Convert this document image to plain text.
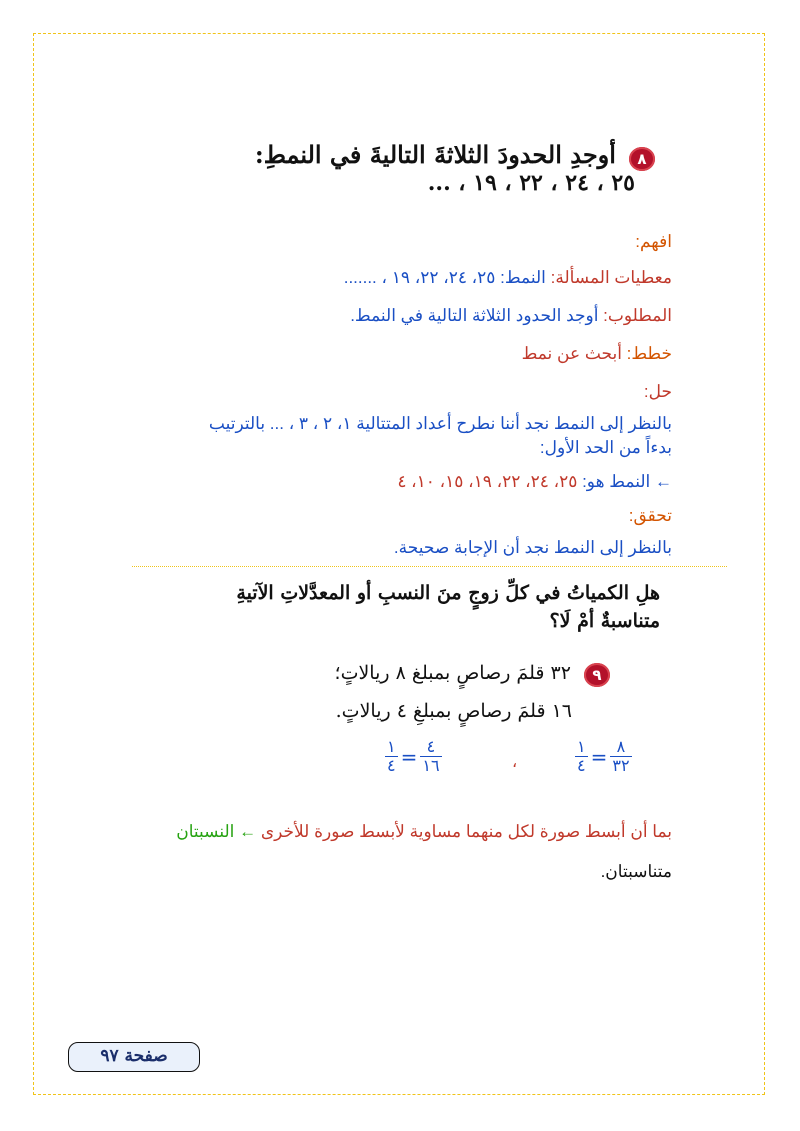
٨ أوجدِ الحدودَ الثلاثةَ التاليةَ في النمطِ:
٢٥ ، ٢٤ ، ٢٢ ، ١٩ ، ...
افهم:
معطيات المسألة: النمط: ٢٥، ٢٤، ٢٢، ١٩ ، .......
المطلوب: أوجد الحدود الثلاثة التالية في النمط.
خطط: أبحث عن نمط
حل:
بالنظر إلى النمط نجد أننا نطرح أعداد المتتالية ١، ٢ ، ٣ ، ... بالترتيب
بدءاً من الحد الأول:
← النمط هو: ٢٥، ٢٤، ٢٢، ١٩، ١٥، ١٠، ٤
تحقق:
بالنظر إلى النمط نجد أن الإجابة صحيحة.
هلِ الكمياتُ في كلِّ زوجٍ منَ النسبِ أو المعدَّلاتِ الآتيةِ
متناسبةٌ أمْ لَا؟
٩ ٣٢ قلمَ رصاصٍ بمبلغ ٨ ريالاتٍ؛
١٦ قلمَ رصاصٍ بمبلغِ ٤ ريالاتٍ.
$\frac{١}{٤} = \frac{٨}{٣٢}$
،
$\frac{١}{٤} = \frac{٤}{١٦}$
بما أن أبسط صورة لكل منهما مساوية لأبسط صورة للأخرى ← النسبتان
متناسبتان.
صفحة ٩٧
